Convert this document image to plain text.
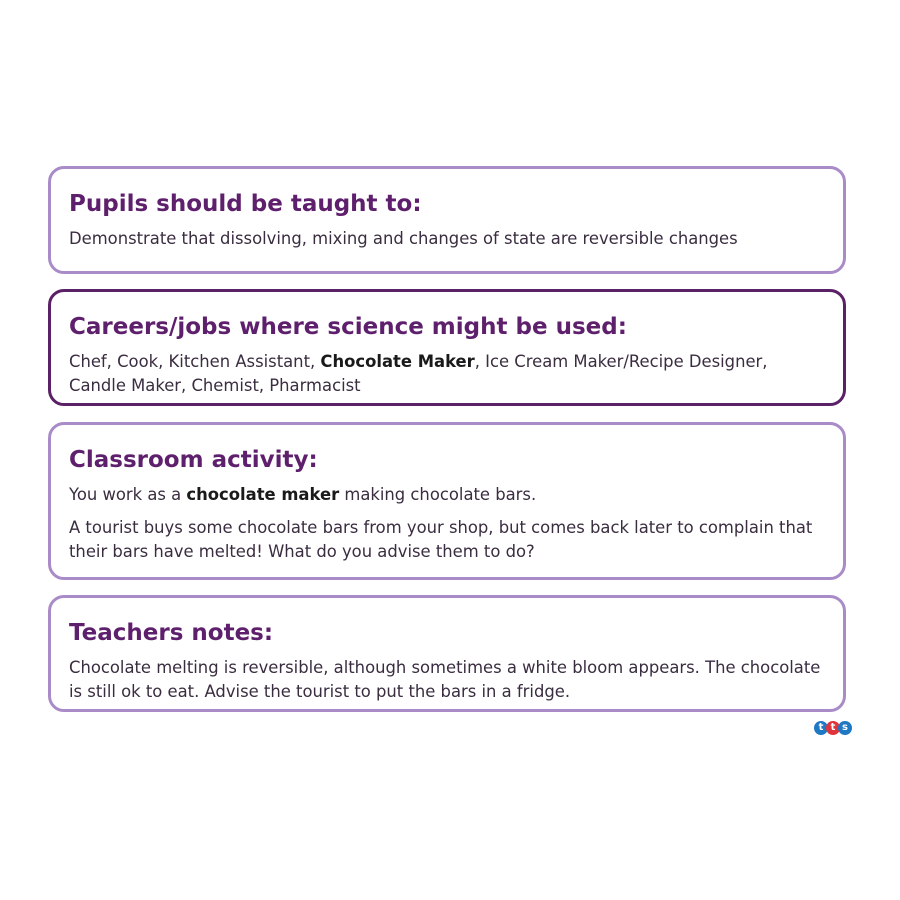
Pupils should be taught to:

Demonstrate that dissolving, mixing and changes of state are reversible changes

Careers/jobs where science might be used:

Chef, Cook, Kitchen Assistant, Chocolate Maker, Ice Cream Maker/Recipe Designer, Candle Maker, Chemist, Pharmacist

Classroom activity:

You work as a chocolate maker making chocolate bars.

A tourist buys some chocolate bars from your shop, but comes back later to complain that their bars have melted! What do you advise them to do?

Teachers notes:

Chocolate melting is reversible, although sometimes a white bloom appears. The chocolate is still ok to eat. Advise the tourist to put the bars in a fridge.

t t s
